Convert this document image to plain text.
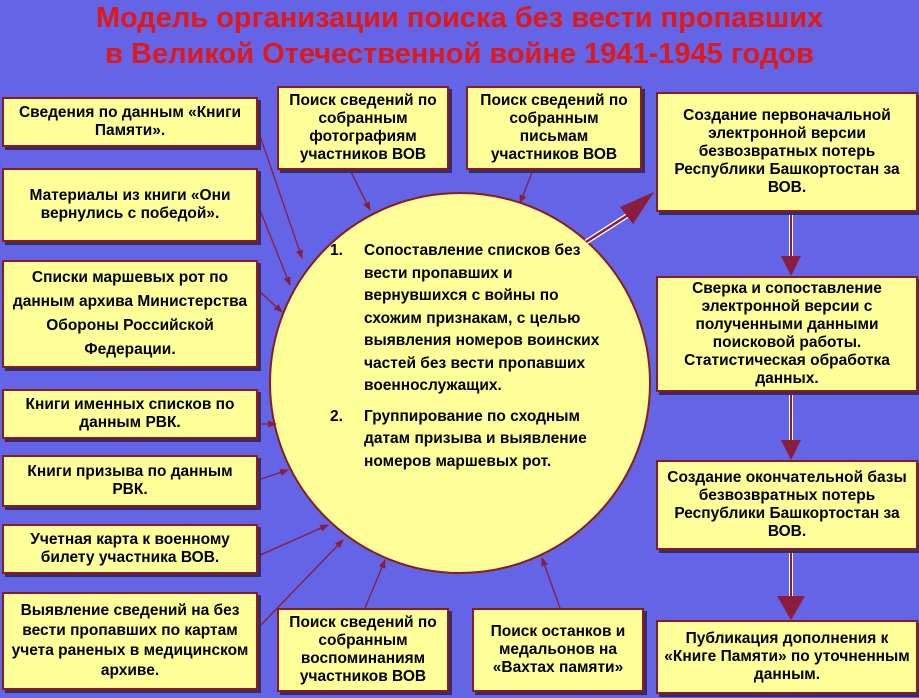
Модель организации поиска без вести пропавших
в Великой Отечественной войне 1941-1945 годов
Сведения по данным «Книги Памяти».
Материалы из книги «Они вернулись с победой».
Списки маршевых рот по данным архива Министерства Обороны Российской Федерации.
Книги именных списков по данным РВК.
Книги призыва по данным РВК.
Учетная карта к военному билету участника ВОВ.
Выявление сведений на без вести пропавших по картам учета раненых в медицинском архиве.
Поиск сведений по собранным фотографиям участников ВОВ
Поиск сведений по собранным письмам участников ВОВ
Поиск сведений по собранным воспоминаниям участников ВОВ
Поиск останков и медальонов на «Вахтах памяти»
1.	Сопоставление списков без вести пропавших и вернувшихся с войны по схожим признакам, с целью выявления номеров воинских частей без вести пропавших военнослужащих.
2.	Группирование по сходным датам призыва и выявление номеров маршевых рот.
Создание первоначальной электронной версии безвозвратных потерь Республики Башкортостан за ВОВ.
Сверка и сопоставление электронной версии с полученными данными поисковой работы. Статистическая обработка данных.
Создание окончательной базы безвозвратных потерь Республики Башкортостан за ВОВ.
Публикация дополнения к «Книге Памяти» по уточненным данным.
